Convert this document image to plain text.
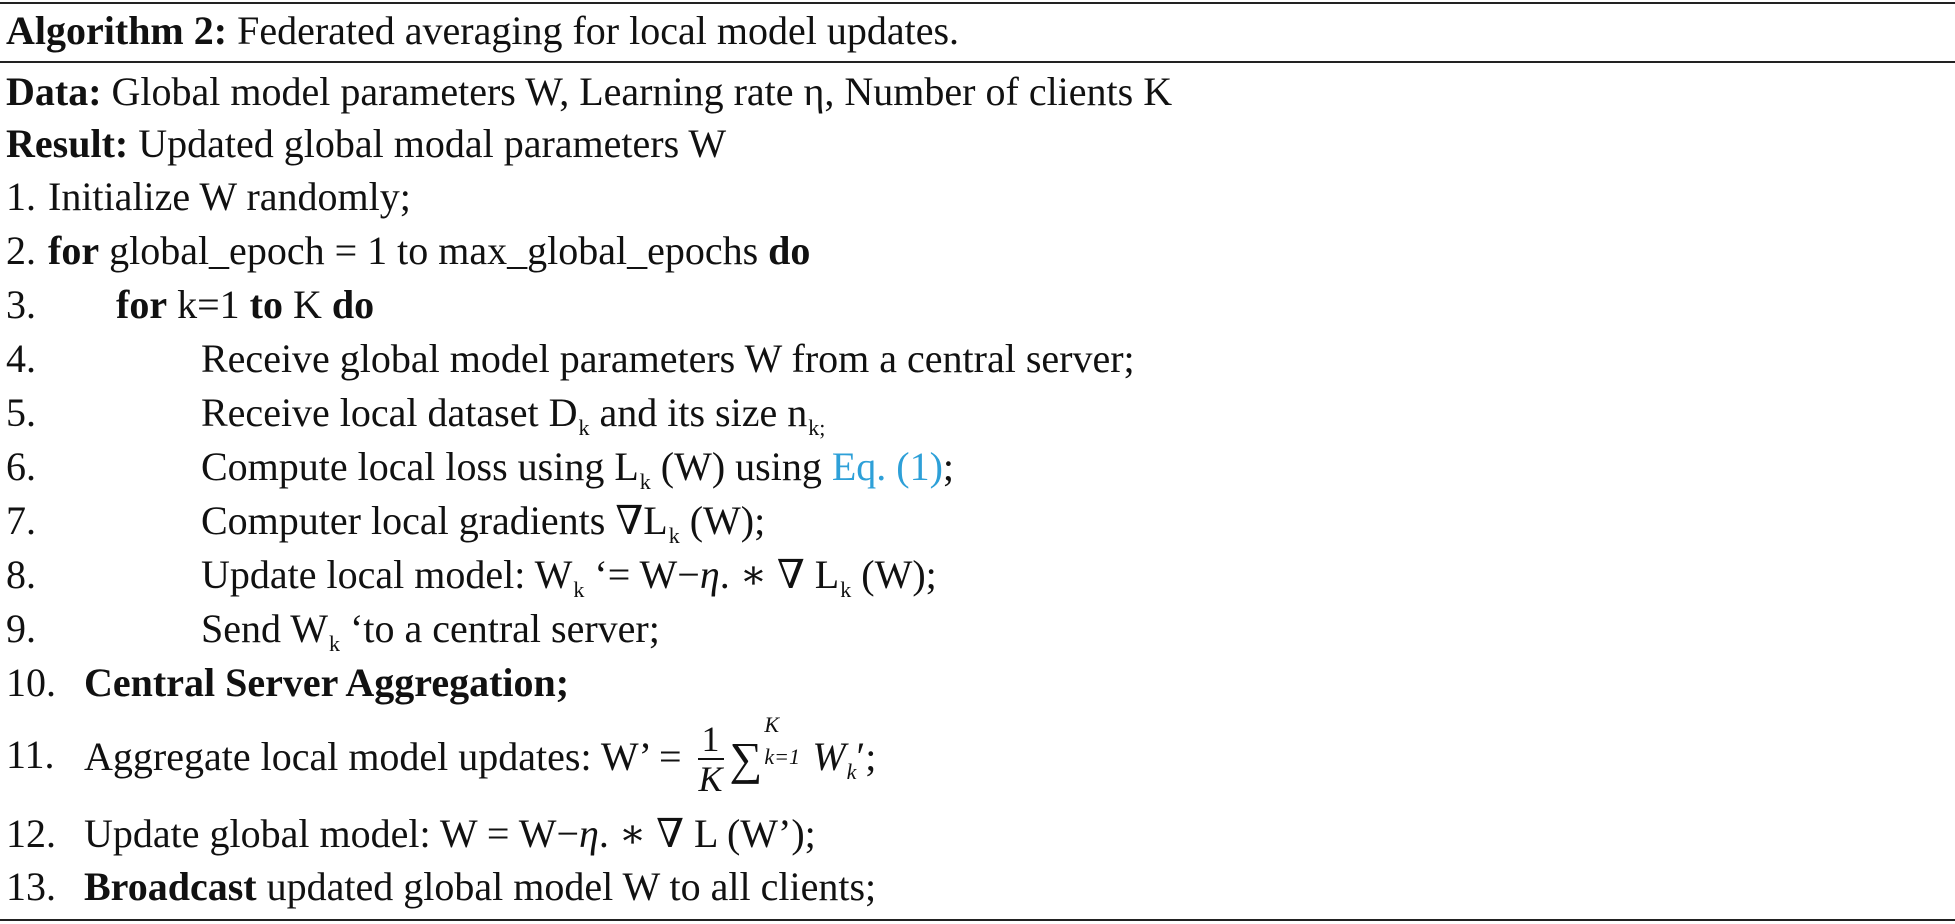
Algorithm 2: Federated averaging for local model updates.
Data: Global model parameters W, Learning rate η, Number of clients K
Result: Updated global modal parameters W
1. Initialize W randomly;
2. for global_epoch = 1 to max_global_epochs do
3. for k=1 to K do
4.	Receive global model parameters W from a central server;
5.	Receive local dataset $D_k$ and its size $n_{k;}$
6.	Compute local loss using $L_k$ (W) using Eq. (1);
7.	Computer local gradients $\nabla L_k$ (W);
8.	Update local model: $W_k$ ‘= W−η. ∗ ∇ $L_k$ (W);
9.	Send $W_k$ ‘to a central server;
10. Central Server Aggregation;
11. Aggregate local model updates: W’ = $\frac{1}{K}$ ∑
K
k=1 $W_k'$;
12. Update global model: W = W−η. ∗ ∇ L (W’);
13. Broadcast updated global model W to all clients;
